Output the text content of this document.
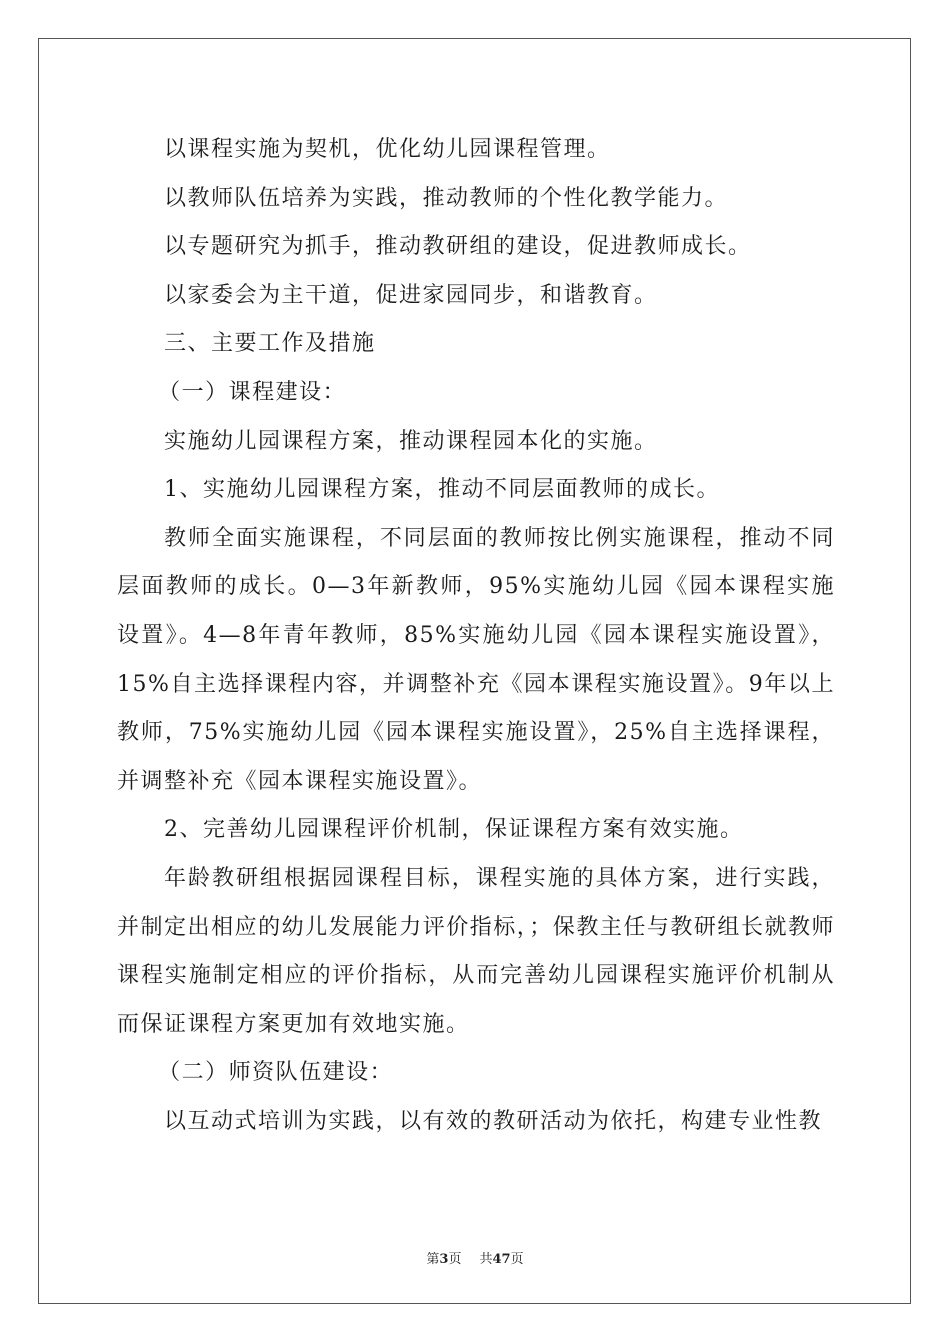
以课程实施为契机，优化幼儿园课程管理。

以教师队伍培养为实践，推动教师的个性化教学能力。

以专题研究为抓手，推动教研组的建设，促进教师成长。

以家委会为主干道，促进家园同步，和谐教育。

三、主要工作及措施

（一）课程建设：

实施幼儿园课程方案，推动课程园本化的实施。

1、实施幼儿园课程方案，推动不同层面教师的成长。

教师全面实施课程，不同层面的教师按比例实施课程，推动不同层面教师的成长。0—3年新教师，95%实施幼儿园《园本课程实施设置》。4—8年青年教师，85%实施幼儿园《园本课程实施设置》，15%自主选择课程内容，并调整补充《园本课程实施设置》。9年以上教师，75%实施幼儿园《园本课程实施设置》，25%自主选择课程，并调整补充《园本课程实施设置》。

2、完善幼儿园课程评价机制，保证课程方案有效实施。

年龄教研组根据园课程目标，课程实施的具体方案，进行实践，并制定出相应的幼儿发展能力评价指标，；保教主任与教研组长就教师课程实施制定相应的评价指标，从而完善幼儿园课程实施评价机制从而保证课程方案更加有效地实施。

（二）师资队伍建设：

以互动式培训为实践，以有效的教研活动为依托，构建专业性教

第3页 共47页
